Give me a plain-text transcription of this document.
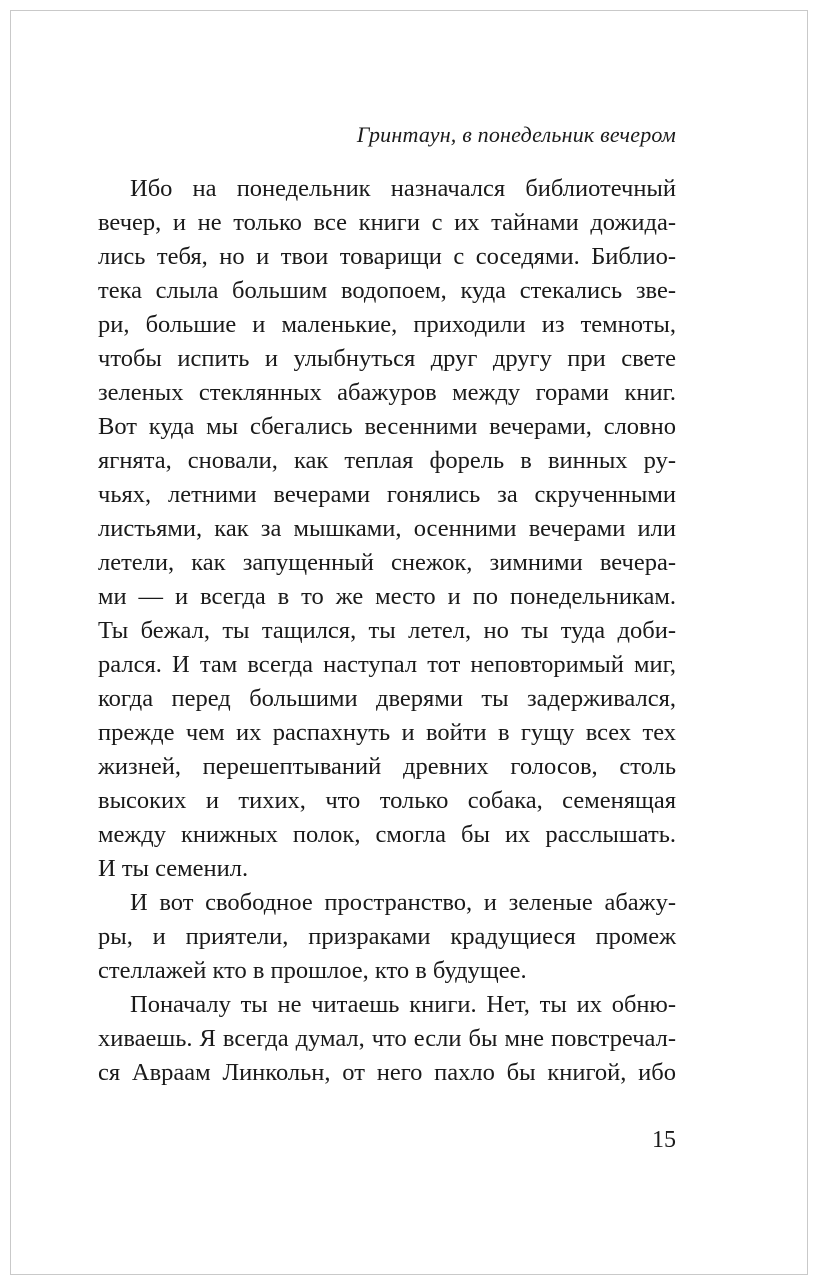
Гринтаун, в понедельник вечером
Ибо на понедельник назначался библиотечный
вечер, и не только все книги с их тайнами дожида-
лись тебя, но и твои товарищи с соседями. Библио-
тека слыла большим водопоем, куда стекались зве-
ри, большие и маленькие, приходили из темноты,
чтобы испить и улыбнуться друг другу при свете
зеленых стеклянных абажуров между горами книг.
Вот куда мы сбегались весенними вечерами, словно
ягнята, сновали, как теплая форель в винных ру-
чьях, летними вечерами гонялись за скрученными
листьями, как за мышками, осенними вечерами или
летели, как запущенный снежок, зимними вечера-
ми — и всегда в то же место и по понедельникам.
Ты бежал, ты тащился, ты летел, но ты туда доби-
рался. И там всегда наступал тот неповторимый миг,
когда перед большими дверями ты задерживался,
прежде чем их распахнуть и войти в гущу всех тех
жизней, перешептываний древних голосов, столь
высоких и тихих, что только собака, семенящая
между книжных полок, смогла бы их расслышать.
И ты семенил.
И вот свободное пространство, и зеленые абажу-
ры, и приятели, призраками крадущиеся промеж
стеллажей кто в прошлое, кто в будущее.
Поначалу ты не читаешь книги. Нет, ты их обню-
хиваешь. Я всегда думал, что если бы мне повстречал-
ся Авраам Линкольн, от него пахло бы книгой, ибо
15
